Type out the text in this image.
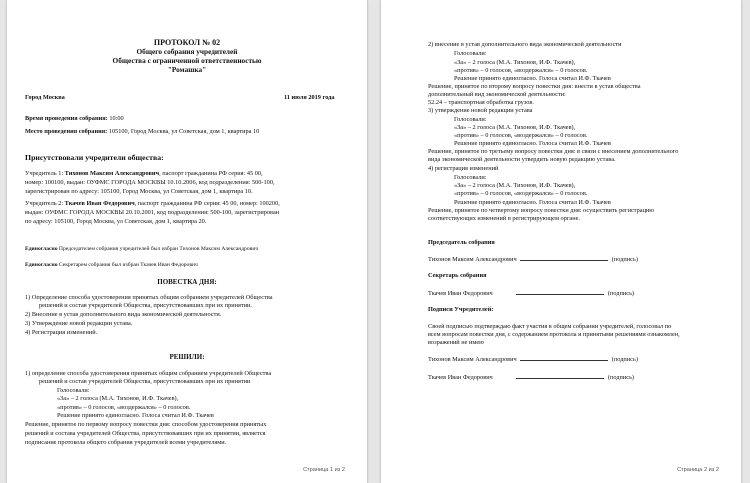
ПРОТОКОЛ № 02
Общего собрания учредителей
Общества с ограниченной ответственностью
"Ромашка"
Город Москва	11 июля 2019 года
Время проведения собрания: 10:00
Место проведения собрания: 105100, Город Москва, ул Советская, дом 1, квартира 10
Присутствовали учредители общества:
Учредитель 1: Тихонов Максим Александрович, паспорт гражданина РФ серия: 45 00,
номер: 100100, выдан: ОУФМС ГОРОДА МОСКВЫ 10.10.2006, код подразделения: 500-100,
зарегистрирован по адресу: 105100, Город Москва, ул Советская, дом 1, квартира 10.
Учредитель 2: Ткачев Иван Федорович, паспорт гражданина РФ серия: 45 00, номер: 100200,
выдан: ОУФМС ГОРОДА МОСКВЫ 20.10.2001, код подразделения: 500-100, зарегистрирован
по адресу: 105100, Город Москва, ул Советская, дом 1, квартира 20.
Единогласно Председателем собрания учредителей был избран Тихонов Максим Александрович
Единогласно Секретарем собрания был избран Ткачев Иван Федорович
ПОВЕСТКА ДНЯ:
1) Определение способа удостоверения принятых общим собранием учредителей Общества
решений и состав учредителей Общества, присутствовавших при их принятии.
2) Внесение в устав дополнительного вида экономической деятельности.
3) Утверждение новой редакции устава.
4) Регистрация изменений.
РЕШИЛИ:
1) определение способа удостоверения принятых общим собранием учредителей Общества
решений и состав учредителей Общества, присутствовавших при их принятии
Голосовали:
«За» – 2 голоса (М.А. Тихонов, И.Ф. Ткачев),
«против» – 0 голосов, «воздержался» – 0 голосов.
Решение принято единогласно. Голоса считал И.Ф. Ткачев
Решение, принятое по первому вопросу повестки дня: способом удостоверения принятых
решений и состава учредителей Общества, присутствовавших при их принятии, является
подписание протокола общего собрания учредителей всеми учредителями.
Страница 1 из 2
2) внесение в устав дополнительного вида экономической деятельности
Голосовали:
«За» – 2 голоса (М.А. Тихонов, И.Ф. Ткачев),
«против» – 0 голосов, «воздержался» – 0 голосов.
Решение принято единогласно. Голоса считал И.Ф. Ткачев
Решение, принятое по второму вопросу повестки дня: внести в устав общества
дополнительный вид экономической деятельности:
52.24 – транспортная обработка грузов.
3) утверждение новой редакции устава
Голосовали:
«За» – 2 голоса (М.А. Тихонов, И.Ф. Ткачев),
«против» – 0 голосов, «воздержался» – 0 голосов.
Решение принято единогласно. Голоса считал И.Ф. Ткачев
Решение, принятое по третьему вопросу повестки дня: в связи с внесением дополнительного
вида экономической деятельности утвердить новую редакцию устава.
4) регистрация изменений
Голосовали:
«За» – 2 голоса (М.А. Тихонов, И.Ф. Ткачев),
«против» – 0 голосов, «воздержался» – 0 голосов.
Решение принято единогласно. Голоса считал И.Ф. Ткачев
Решение, принятое по четвертому вопросу повестки дня: осуществить регистрацию
соответствующих изменений в регистрирующем органе.
Председатель собрания
Тихонов Максим Александрович	(подпись)
Секретарь собрания
Ткачев Иван Федорович	(подпись)
Подписи Учредителей:
Своей подписью подтверждаю факт участия в общем собрании учредителей, голосовал по
всем вопросам повестки дня, с содержанием протокола и принятыми решениями ознакомлен,
возражений не имею
Тихонов Максим Александрович	(подпись)
Ткачев Иван Федорович	(подпись)
Страница 2 из 2
